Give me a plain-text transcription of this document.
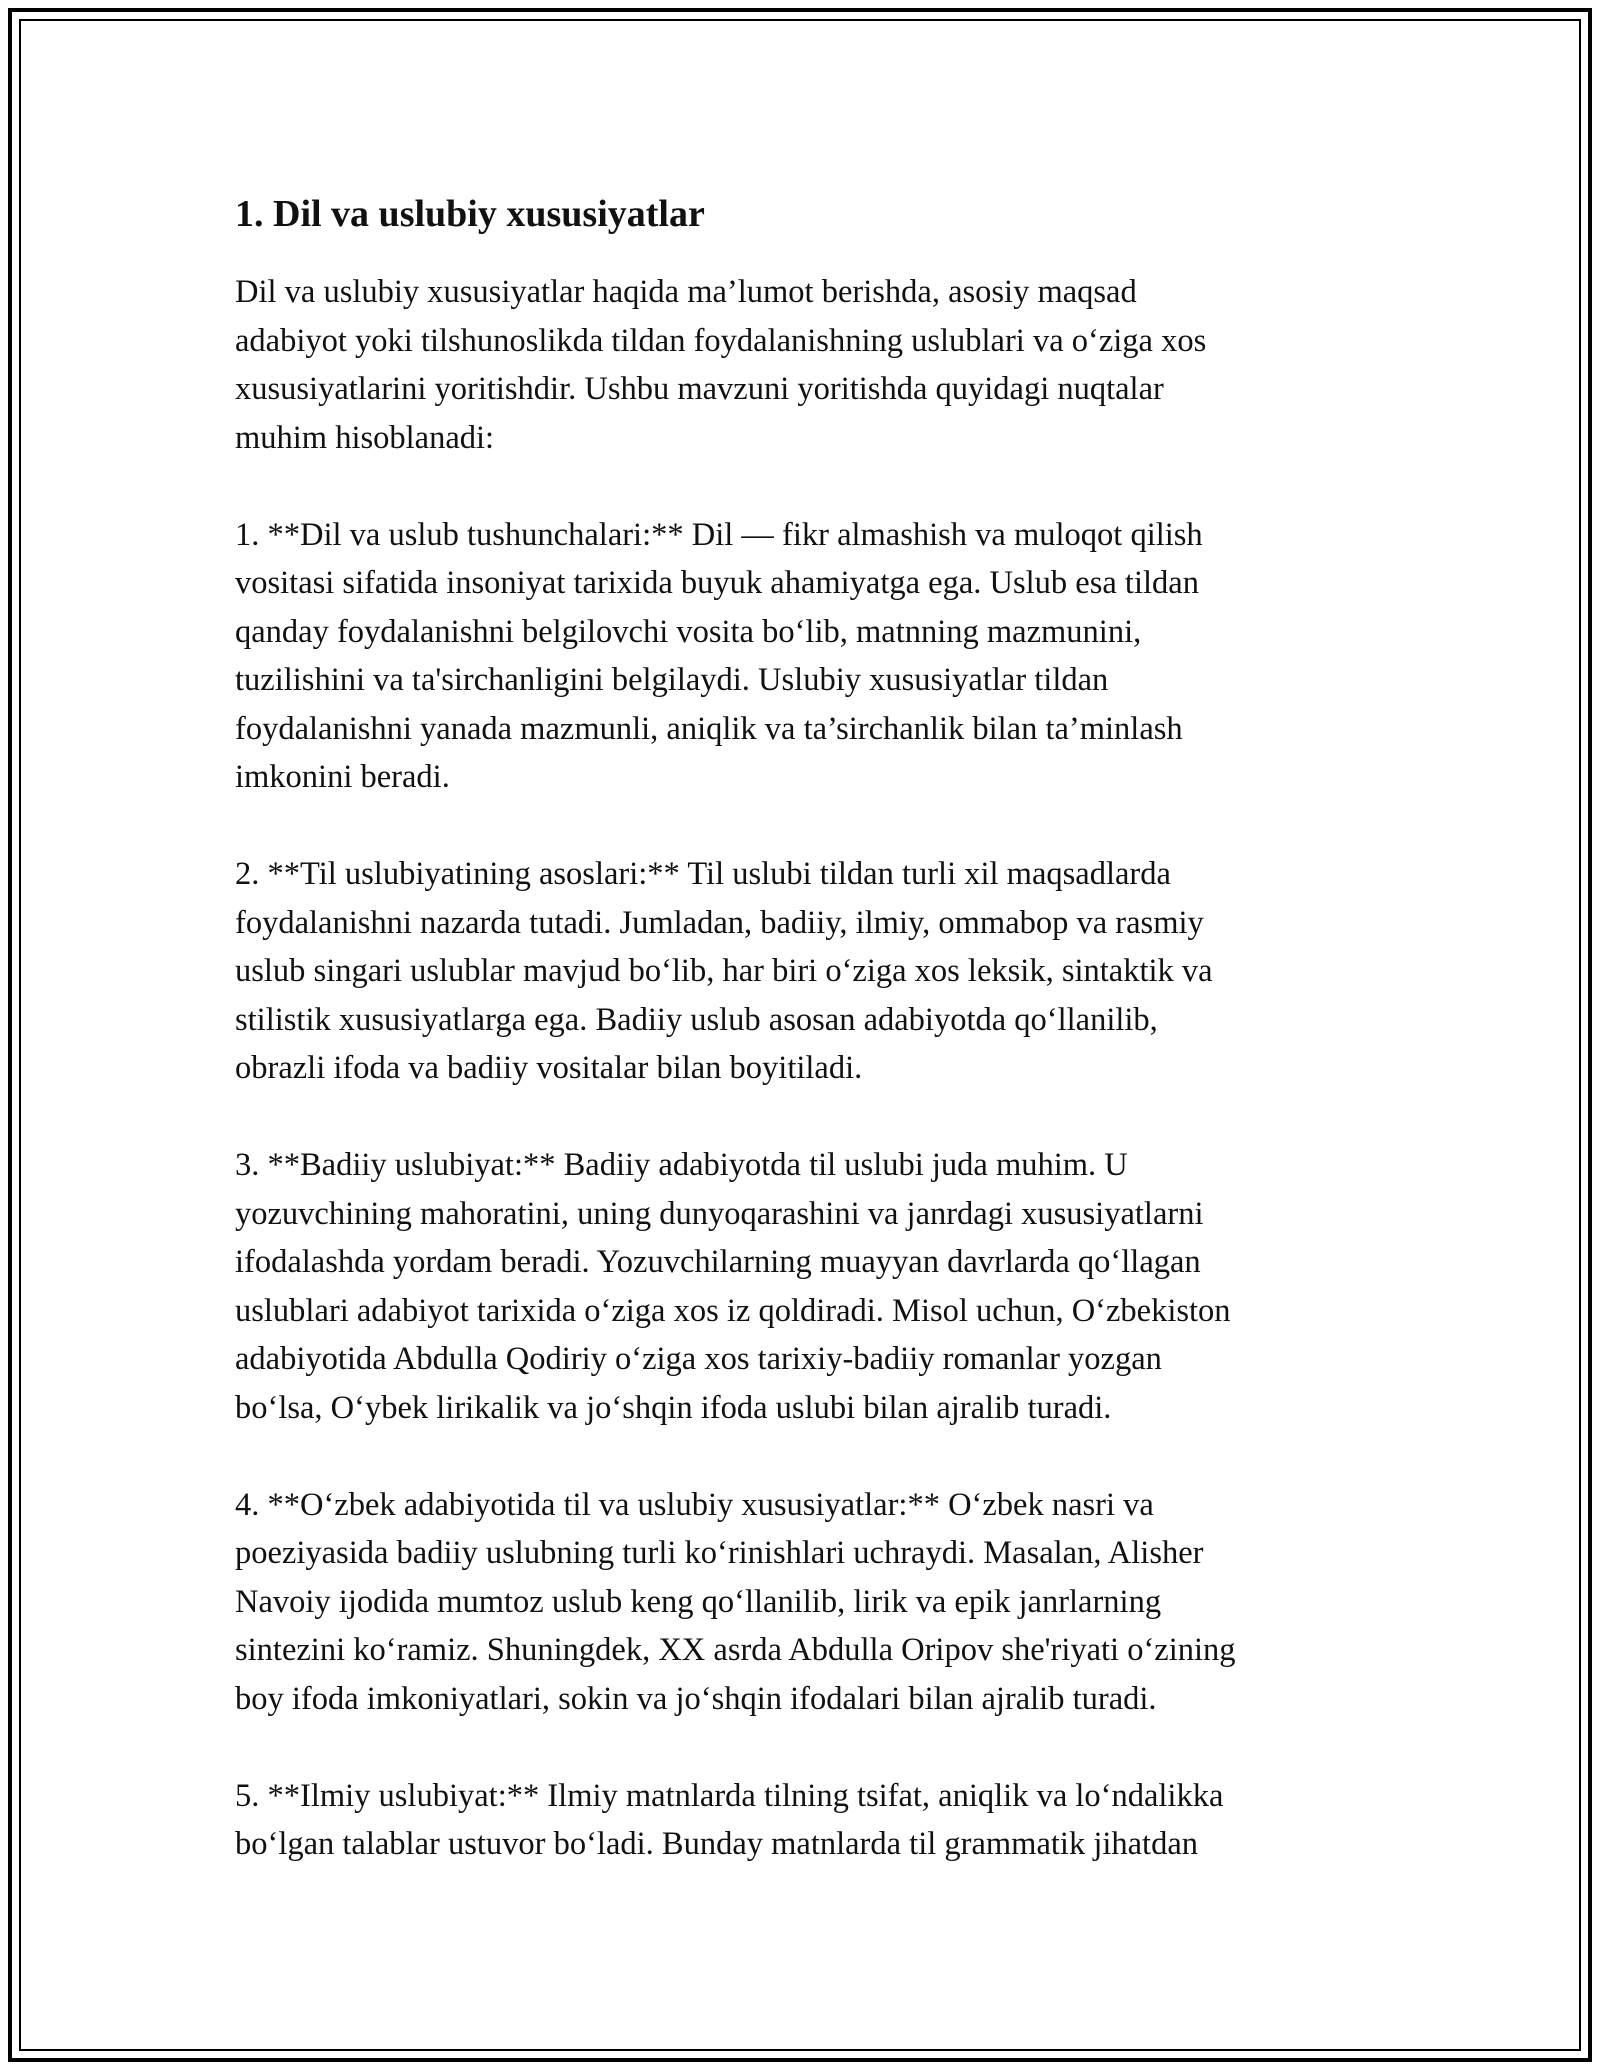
1. Dil va uslubiy xususiyatlar
Dil va uslubiy xususiyatlar haqida ma’lumot berishda, asosiy maqsad
adabiyot yoki tilshunoslikda tildan foydalanishning uslublari va o‘ziga xos
xususiyatlarini yoritishdir. Ushbu mavzuni yoritishda quyidagi nuqtalar
muhim hisoblanadi:
1. **Dil va uslub tushunchalari:** Dil — fikr almashish va muloqot qilish
vositasi sifatida insoniyat tarixida buyuk ahamiyatga ega. Uslub esa tildan
qanday foydalanishni belgilovchi vosita bo‘lib, matnning mazmunini,
tuzilishini va ta'sirchanligini belgilaydi. Uslubiy xususiyatlar tildan
foydalanishni yanada mazmunli, aniqlik va ta’sirchanlik bilan ta’minlash
imkonini beradi.
2. **Til uslubiyatining asoslari:** Til uslubi tildan turli xil maqsadlarda
foydalanishni nazarda tutadi. Jumladan, badiiy, ilmiy, ommabop va rasmiy
uslub singari uslublar mavjud bo‘lib, har biri o‘ziga xos leksik, sintaktik va
stilistik xususiyatlarga ega. Badiiy uslub asosan adabiyotda qo‘llanilib,
obrazli ifoda va badiiy vositalar bilan boyitiladi.
3. **Badiiy uslubiyat:** Badiiy adabiyotda til uslubi juda muhim. U
yozuvchining mahoratini, uning dunyoqarashini va janrdagi xususiyatlarni
ifodalashda yordam beradi. Yozuvchilarning muayyan davrlarda qo‘llagan
uslublari adabiyot tarixida o‘ziga xos iz qoldiradi. Misol uchun, O‘zbekiston
adabiyotida Abdulla Qodiriy o‘ziga xos tarixiy-badiiy romanlar yozgan
bo‘lsa, O‘ybek lirikalik va jo‘shqin ifoda uslubi bilan ajralib turadi.
4. **O‘zbek adabiyotida til va uslubiy xususiyatlar:** O‘zbek nasri va
poeziyasida badiiy uslubning turli ko‘rinishlari uchraydi. Masalan, Alisher
Navoiy ijodida mumtoz uslub keng qo‘llanilib, lirik va epik janrlarning
sintezini ko‘ramiz. Shuningdek, XX asrda Abdulla Oripov she'riyati o‘zining
boy ifoda imkoniyatlari, sokin va jo‘shqin ifodalari bilan ajralib turadi.
5. **Ilmiy uslubiyat:** Ilmiy matnlarda tilning tsifat, aniqlik va lo‘ndalikka
bo‘lgan talablar ustuvor bo‘ladi. Bunday matnlarda til grammatik jihatdan
